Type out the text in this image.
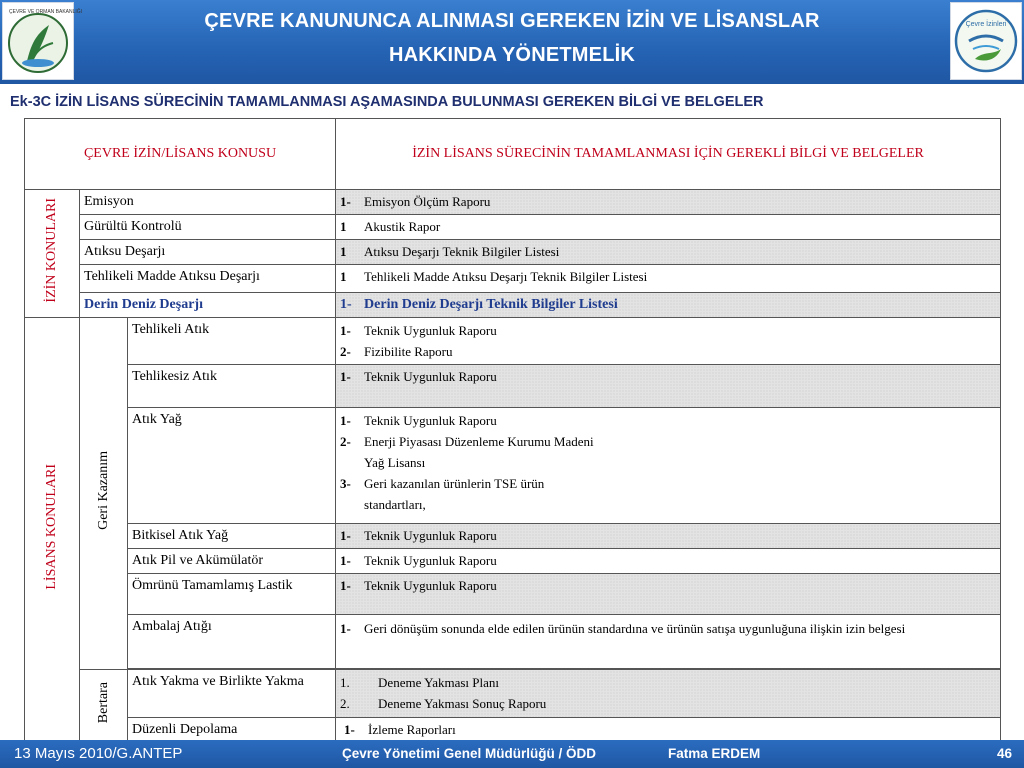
ÇEVRE VE ORMAN BAKANLIĞI	ÇEVRE KANUNUNCA ALINMASI GEREKEN İZİN VE LİSANSLAR
HAKKINDA YÖNETMELİK
Çevre İzinleri
Ek-3C İZİN LİSANS SÜRECİNİN TAMAMLANMASI AŞAMASINDA BULUNMASI GEREKEN BİLGİ VE BELGELER
ÇEVRE İZİN/LİSANS KONUSU			İZİN LİSANS SÜRECİNİN TAMAMLANMASI İÇİN GEREKLİ BİLGİ VE BELGELER
İZİN KONULARI	Emisyon		1- Emisyon Ölçüm Raporu
	Gürültü Kontrolü		1 Akustik Rapor
	Atıksu Deşarjı		1 Atıksu Deşarjı Teknik Bilgiler Listesi
	Tehlikeli Madde Atıksu Deşarjı		1 Tehlikeli Madde Atıksu Deşarjı Teknik Bilgiler Listesi
	Derin Deniz Deşarjı		1- Derin Deniz Deşarjı Teknik Bilgiler Listesi
LİSANS KONULARI	Geri Kazanım	Tehlikeli Atık	1- Teknik Uygunluk Raporu
2- Fizibilite Raporu

		Tehlikesiz Atık	1- Teknik Uygunluk Raporu
		Atık Yağ	1- Teknik Uygunluk Raporu
2- Enerji Piyasası Düzenleme Kurumu Madeni
Yağ Lisansı
3- Geri kazanılan ürünlerin TSE ürün
standartları,

		Bitkisel Atık Yağ	1- Teknik Uygunluk Raporu
		Atık Pil ve Akümülatör	1- Teknik Uygunluk Raporu
		Ömrünü Tamamlamış Lastik	1- Teknik Uygunluk Raporu
		Ambalaj Atığı	1- Geri dönüşüm sonunda elde edilen ürünün standardına ve ürünün satışa uygunluğuna ilişkin izin belgesi

	Bertara	Atık Yakma ve Birlikte Yakma	1. Deneme Yakması Planı
2. Deneme Yakması Sonuç Raporu

		Düzenli Depolama	1- İzleme Raporları
13 Mayıs 2010/G.ANTEP	Çevre Yönetimi Genel Müdürlüğü / ÖDD	Fatma ERDEM	46
